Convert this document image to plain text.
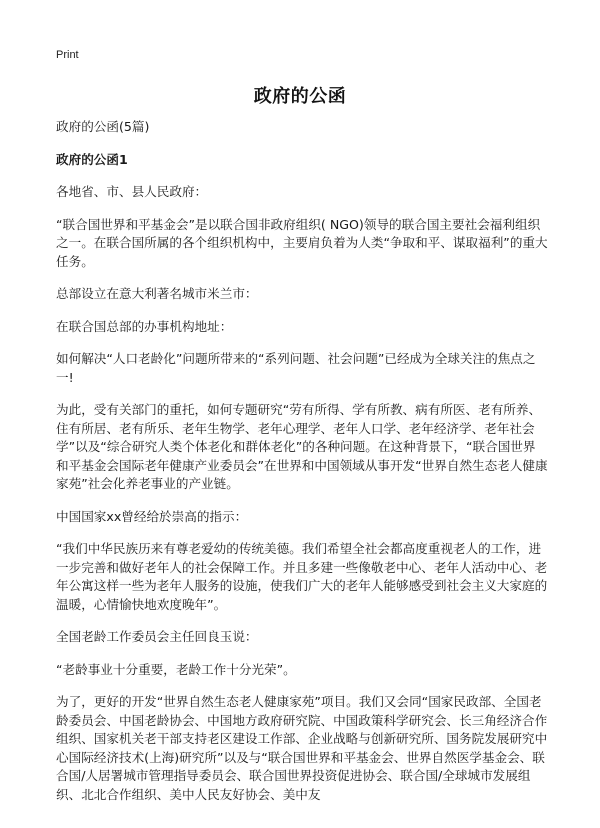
Print
政府的公函

政府的公函(5篇)

政府的公函1

各地省、市、县人民政府：

“联合国世界和平基金会”是以联合国非政府组织( NGO)领导的联合国主要社会福利组织之一。在联合国所属的各个组织机构中，主要肩负着为人类“争取和平、谋取福利”的重大任务。

总部设立在意大利著名城市米兰市：

在联合国总部的办事机构地址：

如何解决“人口老龄化”问题所带来的“系列问题、社会问题”已经成为全球关注的焦点之一!

为此，受有关部门的重托，如何专题研究“劳有所得、学有所教、病有所医、老有所养、住有所居、老有所乐、老年生物学、老年心理学、老年人口学、老年经济学、老年社会学”以及“综合研究人类个体老化和群体老化”的各种问题。在这种背景下，“联合国世界和平基金会国际老年健康产业委员会”在世界和中国领域从事开发“世界自然生态老人健康家苑”社会化养老事业的产业链。

中国国家xx曾经给於崇高的指示：

“我们中华民族历来有尊老爱幼的传统美德。我们希望全社会都高度重视老人的工作，进一步完善和做好老年人的社会保障工作。并且多建一些像敬老中心、老年人活动中心、老年公寓这样一些为老年人服务的设施，使我们广大的老年人能够感受到社会主义大家庭的温暖，心情愉快地欢度晚年”。

全国老龄工作委员会主任回良玉说：

“老龄事业十分重要，老龄工作十分光荣”。

为了，更好的开发“世界自然生态老人健康家苑”项目。我们又会同“国家民政部、全国老龄委员会、中国老龄协会、中国地方政府研究院、中国政策科学研究会、长三角经济合作组织、国家机关老干部支持老区建设工作部、企业战略与创新研究所、国务院发展研究中心国际经济技术(上海)研究所”以及与“联合国世界和平基金会、世界自然医学基金会、联合国/人居署城市管理指导委员会、联合国世界投资促进协会、联合国/全球城市发展组织、北北合作组织、美中人民友好协会、美中友
